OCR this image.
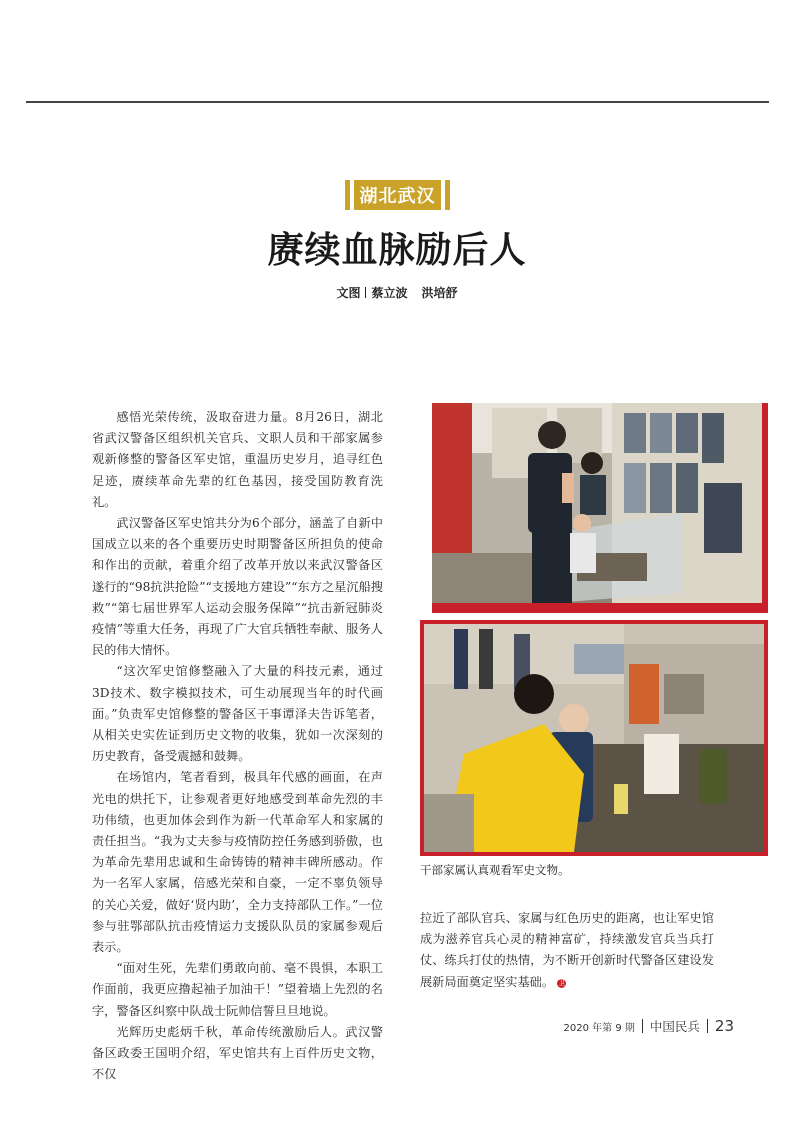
湖北武汉
赓续血脉励后人
文图 蔡立波 洪培舒

感悟光荣传统，汲取奋进力量。8月26日，湖北省武汉警备区组织机关官兵、文职人员和干部家属参观新修整的警备区军史馆，重温历史岁月，追寻红色足迹，赓续革命先辈的红色基因，接受国防教育洗礼。

武汉警备区军史馆共分为6个部分，涵盖了自新中国成立以来的各个重要历史时期警备区所担负的使命和作出的贡献，着重介绍了改革开放以来武汉警备区遂行的“98抗洪抢险”“支援地方建设”“东方之星沉船搜救”“第七届世界军人运动会服务保障”“抗击新冠肺炎疫情”等重大任务，再现了广大官兵牺牲奉献、服务人民的伟大情怀。

“这次军史馆修整融入了大量的科技元素，通过3D技术、数字模拟技术，可生动展现当年的时代画面。”负责军史馆修整的警备区干事谭泽夫告诉笔者，从相关史实佐证到历史文物的收集，犹如一次深刻的历史教育，备受震撼和鼓舞。

在场馆内，笔者看到，极具年代感的画面，在声光电的烘托下，让参观者更好地感受到革命先烈的丰功伟绩，也更加体会到作为新一代革命军人和家属的责任担当。“我为丈夫参与疫情防控任务感到骄傲，也为革命先辈用忠诚和生命铸铸的精神丰碑所感动。作为一名军人家属，倍感光荣和自豪，一定不辜负领导的关心关爱，做好‘贤内助’，全力支持部队工作。”一位参与驻鄂部队抗击疫情运力支援队队员的家属参观后表示。

“面对生死，先辈们勇敢向前、毫不畏惧，本职工作面前，我更应撸起袖子加油干！”望着墙上先烈的名字，警备区纠察中队战士阮帅信誓旦旦地说。

光辉历史彪炳千秋，革命传统激励后人。武汉警备区政委王国明介绍，军史馆共有上百件历史文物，不仅

干部家属认真观看军史文物。

拉近了部队官兵、家属与红色历史的距离，也让军史馆成为滋养官兵心灵的精神富矿，持续激发官兵当兵打仗、练兵打仗的热情，为不断开创新时代警备区建设发展新局面奠定坚实基础。 卫

2020 年第 9 期 中国民兵 23
